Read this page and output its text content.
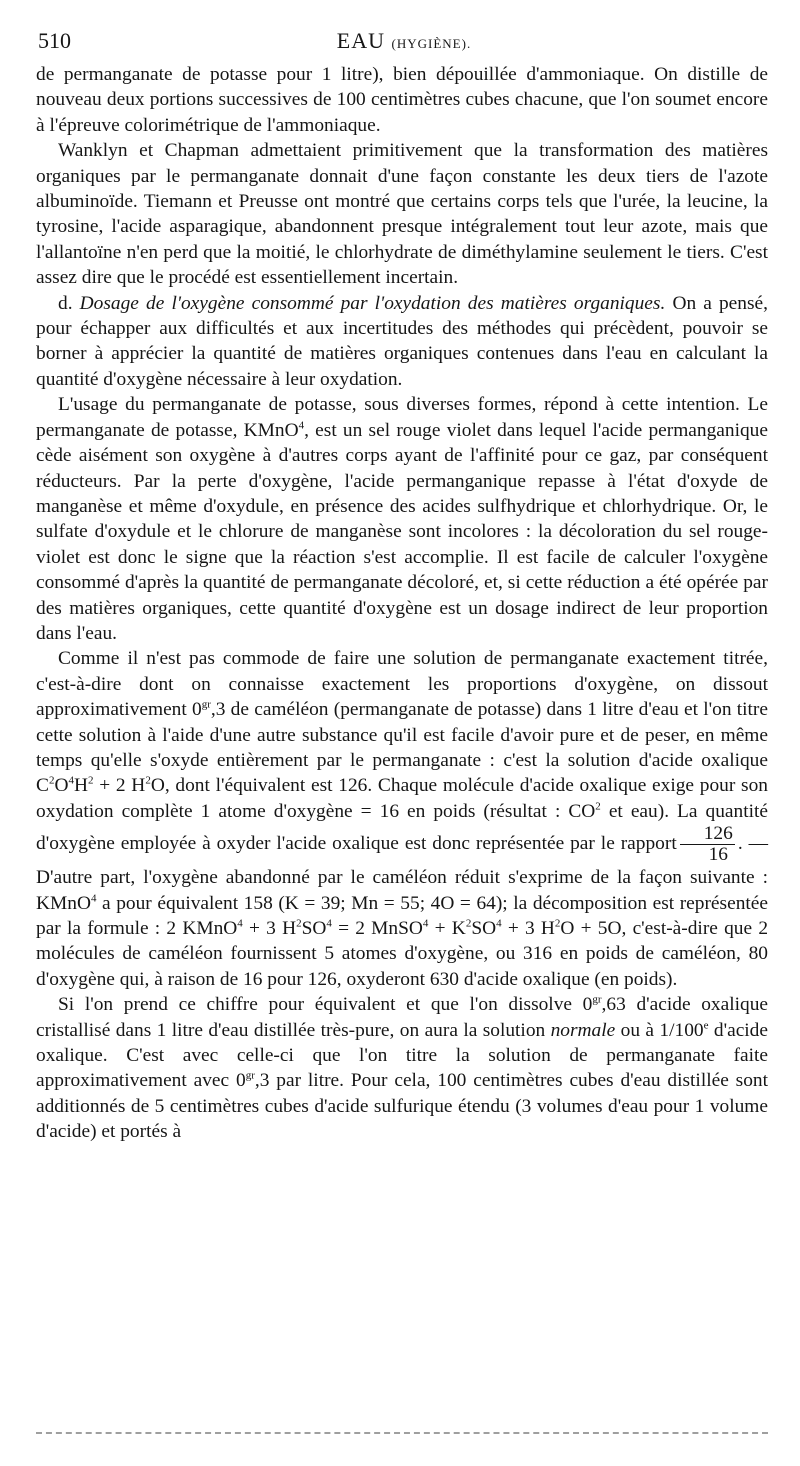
510	EAU (HYGIÈNE).

de permanganate de potasse pour 1 litre), bien dépouillée d'ammoniaque. On distille de nouveau deux portions successives de 100 centimètres cubes chacune, que l'on soumet encore à l'épreuve colorimétrique de l'ammoniaque.

Wanklyn et Chapman admettaient primitivement que la transformation des matières organiques par le permanganate donnait d'une façon constante les deux tiers de l'azote albuminoïde. Tiemann et Preusse ont montré que certains corps tels que l'urée, la leucine, la tyrosine, l'acide asparagique, abandonnent presque intégralement tout leur azote, mais que l'allantoïne n'en perd que la moitié, le chlorhydrate de diméthylamine seulement le tiers. C'est assez dire que le procédé est essentiellement incertain.

d. Dosage de l'oxygène consommé par l'oxydation des matières organiques. On a pensé, pour échapper aux difficultés et aux incertitudes des méthodes qui précèdent, pouvoir se borner à apprécier la quantité de matières organiques contenues dans l'eau en calculant la quantité d'oxygène nécessaire à leur oxydation.

L'usage du permanganate de potasse, sous diverses formes, répond à cette intention. Le permanganate de potasse, KMnO$^4$, est un sel rouge violet dans lequel l'acide permanganique cède aisément son oxygène à d'autres corps ayant de l'affinité pour ce gaz, par conséquent réducteurs. Par la perte d'oxygène, l'acide permanganique repasse à l'état d'oxyde de manganèse et même d'oxydule, en présence des acides sulfhydrique et chlorhydrique. Or, le sulfate d'oxydule et le chlorure de manganèse sont incolores : la décoloration du sel rouge-violet est donc le signe que la réaction s'est accomplie. Il est facile de calculer l'oxygène consommé d'après la quantité de permanganate décoloré, et, si cette réduction a été opérée par des matières organiques, cette quantité d'oxygène est un dosage indirect de leur proportion dans l'eau.

Comme il n'est pas commode de faire une solution de permanganate exactement titrée, c'est-à-dire dont on connaisse exactement les proportions d'oxygène, on dissout approximativement $0^{gr},3$ de caméléon (permanganate de potasse) dans 1 litre d'eau et l'on titre cette solution à l'aide d'une autre substance qu'il est facile d'avoir pure et de peser, en même temps qu'elle s'oxyde entièrement par le permanganate : c'est la solution d'acide oxalique $C^2O^4H^2 + 2$ $H^2O$, dont l'équivalent est 126. Chaque molécule d'acide oxalique exige pour son oxydation complète 1 atome d'oxygène = 16 en poids (résultat : $CO^2$ et eau). La quantité d'oxygène employée à oxyder l'acide oxalique est donc représentée par le rapport $\frac{126}{16}$ . — D'autre part, l'oxygène abandonné par le caméléon réduit s'exprime de la façon suivante : KMnO$^4$ a pour équivalent 158 (K = 39; Mn = 55; 4O = 64); la décomposition est représentée par la formule : 2 KMnO$^4$ + 3 $H^2SO^4 = 2$ MnSO$^4$ + $K^2SO^4 + 3$ $H^2O + 5O$, c'est-à-dire que 2 molécules de caméléon fournissent 5 atomes d'oxygène, ou 316 en poids de caméléon, 80 d'oxygène qui, à raison de 16 pour 126, oxyderont 630 d'acide oxalique (en poids).

Si l'on prend ce chiffre pour équivalent et que l'on dissolve $0^{gr},63$ d'acide oxalique cristallisé dans 1 litre d'eau distillée très-pure, on aura la solution normale ou à 1/100e d'acide oxalique. C'est avec celle-ci que l'on titre la solution de permanganate faite approximativement avec $0^{gr},3$ par litre. Pour cela, 100 centimètres cubes d'eau distillée sont additionnés de 5 centimètres cubes d'acide sulfurique étendu (3 volumes d'eau pour 1 volume d'acide) et portés à
